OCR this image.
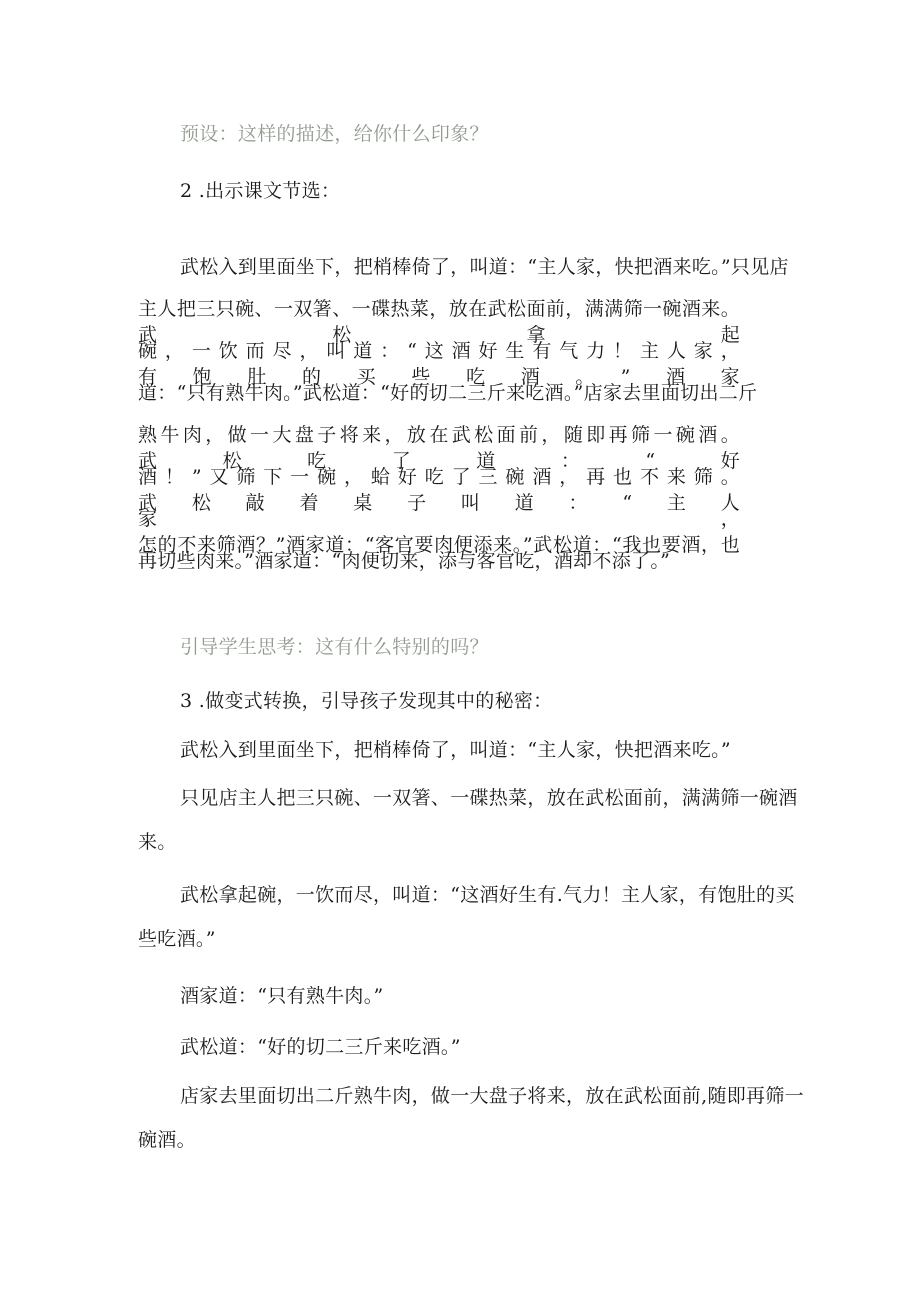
预设：这样的描述，给你什么印象？

2 .出示课文节选：

武松入到里面坐下，把梢棒倚了，叫道：“主人家，快把酒来吃。”只见店

主人把三只碗、一双箸、一碟热菜，放在武松面前，满满筛一碗酒来。武松拿起

碗，一饮而尽，叫道：“这酒好生有气力！主人家，有饱肚的买些吃酒。”酒家

道：“只有熟牛肉。”武松道：“好的切二三斤来吃酒。”店家去里面切出二斤

熟牛肉，做一大盘子将来，放在武松面前，随即再筛一碗酒。武松吃了道：“好

酒！”又筛下一碗，蛤好吃了三碗酒，再也不来筛。武松敲着桌子叫道：“主人

家，怎的不来筛酒？”酒家道：“客官要肉便添来。”武松道：“我也要酒，也

再切些肉来。”酒家道：“肉便切来，添与客官吃，酒却不添了。”

引导学生思考：这有什么特别的吗？

3 .做变式转换，引导孩子发现其中的秘密：

武松入到里面坐下，把梢棒倚了，叫道：“主人家，快把酒来吃。”

只见店主人把三只碗、一双箸、一碟热菜，放在武松面前，满满筛一碗酒

来。

武松拿起碗，一饮而尽，叫道：“这酒好生有.气力！主人家，有饱肚的买

些吃酒。”

酒家道：“只有熟牛肉。”

武松道：“好的切二三斤来吃酒。”

店家去里面切出二斤熟牛肉，做一大盘子将来，放在武松面前,随即再筛一

碗酒。
